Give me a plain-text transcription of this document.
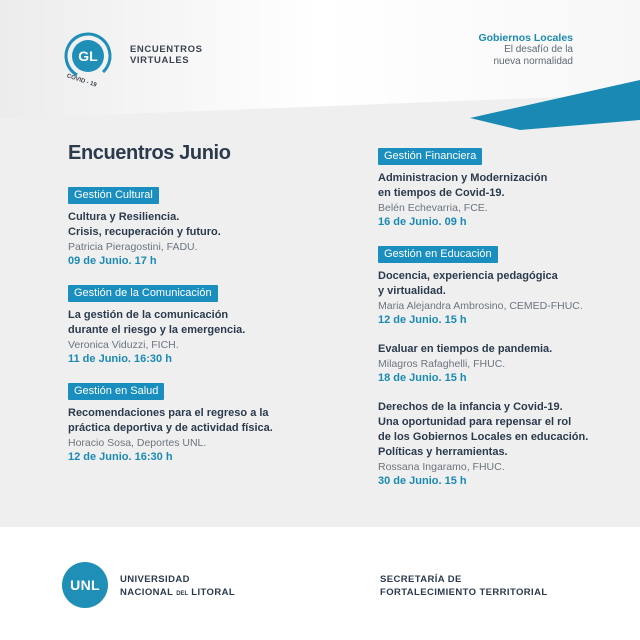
GL
COVID - 19
ENCUENTROS
VIRTUALES
Gobiernos Locales
El desafío de la
nueva normalidad
Encuentros Junio
Gestión Cultural
Cultura y Resiliencia.
Crisis, recuperación y futuro.
Patricia Pieragostini, FADU.
09 de Junio. 17 h
Gestión de la Comunicación
La gestión de la comunicación
durante el riesgo y la emergencia.
Veronica Viduzzi, FICH.
11 de Junio. 16:30 h
Gestión en Salud
Recomendaciones para el regreso a la
práctica deportiva y de actividad física.
Horacio Sosa, Deportes UNL.
12 de Junio. 16:30 h
Gestión Financiera
Administracion y Modernización
en tiempos de Covid-19.
Belén Echevarria, FCE.
16 de Junio. 09 h
Gestión en Educación
Docencia, experiencia pedagógica
y virtualidad.
Maria Alejandra Ambrosino, CEMED-FHUC.
12 de Junio. 15 h
Evaluar en tiempos de pandemia.
Milagros Rafaghelli, FHUC.
18 de Junio. 15 h
Derechos de la infancia y Covid-19.
Una oportunidad para repensar el rol
de los Gobiernos Locales en educación.
Políticas y herramientas.
Rossana Ingaramo, FHUC.
30 de Junio. 15 h
UNL	UNIVERSIDAD
NACIONAL DEL LITORAL
SECRETARÍA DE
FORTALECIMIENTO TERRITORIAL
